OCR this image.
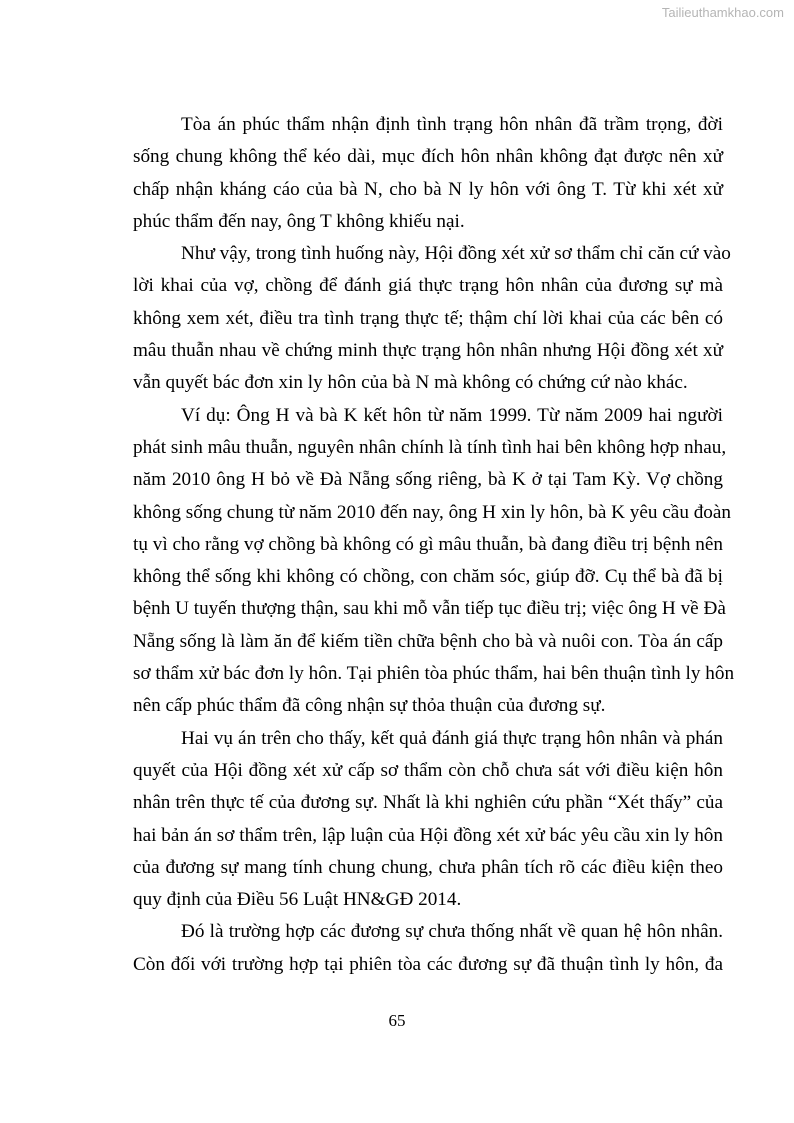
Tailieuthamkhao.com
Tòa án phúc thẩm nhận định tình trạng hôn nhân đã trầm trọng, đời
sống chung không thể kéo dài, mục đích hôn nhân không đạt được nên xử
chấp nhận kháng cáo của bà N, cho bà N ly hôn với ông T. Từ khi xét xử
phúc thẩm đến nay, ông T không khiếu nại.
Như vậy, trong tình huống này, Hội đồng xét xử sơ thẩm chỉ căn cứ vào
lời khai của vợ, chồng để đánh giá thực trạng hôn nhân của đương sự mà
không xem xét, điều tra tình trạng thực tế; thậm chí lời khai của các bên có
mâu thuẫn nhau về chứng minh thực trạng hôn nhân nhưng Hội đồng xét xử
vẫn quyết bác đơn xin ly hôn của bà N mà không có chứng cứ nào khác.
Ví dụ: Ông H và bà K kết hôn từ năm 1999. Từ năm 2009 hai người
phát sinh mâu thuẫn, nguyên nhân chính là tính tình hai bên không hợp nhau,
năm 2010 ông H bỏ về Đà Nẵng sống riêng, bà K ở tại Tam Kỳ. Vợ chồng
không sống chung từ năm 2010 đến nay, ông H xin ly hôn, bà K yêu cầu đoàn
tụ vì cho rằng vợ chồng bà không có gì mâu thuẫn, bà đang điều trị bệnh nên
không thể sống khi không có chồng, con chăm sóc, giúp đỡ. Cụ thể bà đã bị
bệnh U tuyến thượng thận, sau khi mỗ vẫn tiếp tục điều trị; việc ông H về Đà
Nẵng sống là làm ăn để kiếm tiền chữa bệnh cho bà và nuôi con. Tòa án cấp
sơ thẩm xử bác đơn ly hôn. Tại phiên tòa phúc thẩm, hai bên thuận tình ly hôn
nên cấp phúc thẩm đã công nhận sự thỏa thuận của đương sự.
Hai vụ án trên cho thấy, kết quả đánh giá thực trạng hôn nhân và phán
quyết của Hội đồng xét xử cấp sơ thẩm còn chỗ chưa sát với điều kiện hôn
nhân trên thực tế của đương sự. Nhất là khi nghiên cứu phần “Xét thấy” của
hai bản án sơ thẩm trên, lập luận của Hội đồng xét xử bác yêu cầu xin ly hôn
của đương sự mang tính chung chung, chưa phân tích rõ các điều kiện theo
quy định của Điều 56 Luật HN&GĐ 2014.
Đó là trường hợp các đương sự chưa thống nhất về quan hệ hôn nhân.
Còn đối với trường hợp tại phiên tòa các đương sự đã thuận tình ly hôn, đa
65
